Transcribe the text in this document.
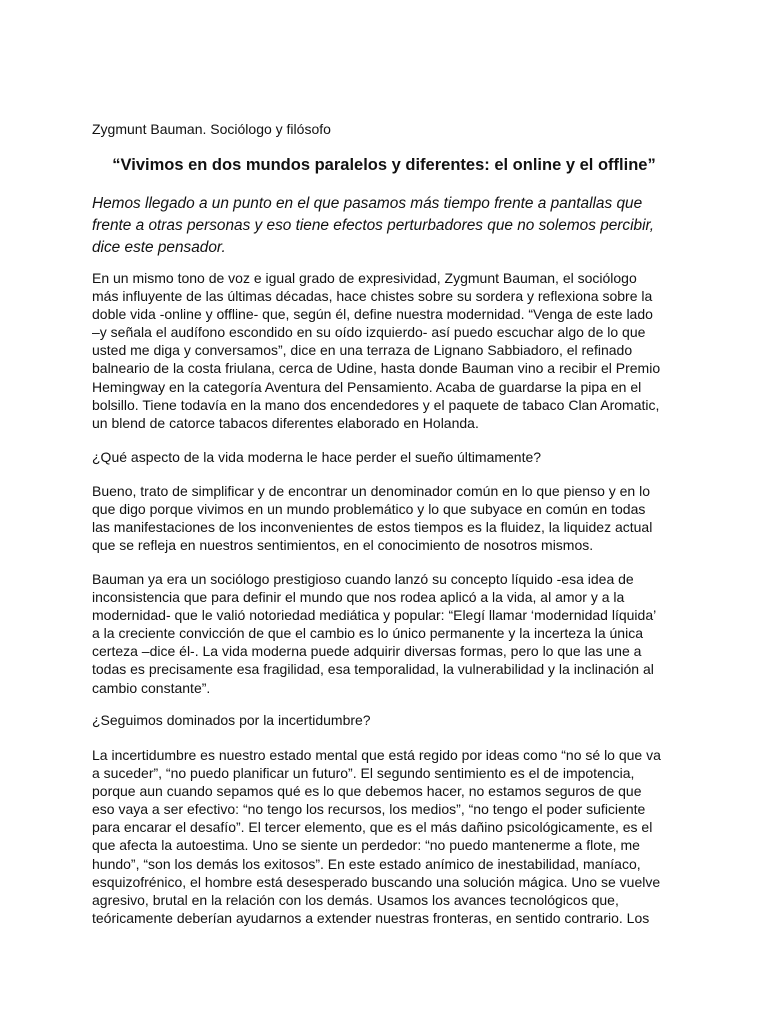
Zygmunt Bauman. Sociólogo y filósofo

“Vivimos en dos mundos paralelos y diferentes: el online y el offline”

Hemos llegado a un punto en el que pasamos más tiempo frente a pantallas que
frente a otras personas y eso tiene efectos perturbadores que no solemos percibir,
dice este pensador.

En un mismo tono de voz e igual grado de expresividad, Zygmunt Bauman, el sociólogo
más influyente de las últimas décadas, hace chistes sobre su sordera y reflexiona sobre la
doble vida -online y offline- que, según él, define nuestra modernidad. “Venga de este lado
–y señala el audífono escondido en su oído izquierdo- así puedo escuchar algo de lo que
usted me diga y conversamos”, dice en una terraza de Lignano Sabbiadoro, el refinado
balneario de la costa friulana, cerca de Udine, hasta donde Bauman vino a recibir el Premio
Hemingway en la categoría Aventura del Pensamiento. Acaba de guardarse la pipa en el
bolsillo. Tiene todavía en la mano dos encendedores y el paquete de tabaco Clan Aromatic,
un blend de catorce tabacos diferentes elaborado en Holanda.

¿Qué aspecto de la vida moderna le hace perder el sueño últimamente?

Bueno, trato de simplificar y de encontrar un denominador común en lo que pienso y en lo
que digo porque vivimos en un mundo problemático y lo que subyace en común en todas
las manifestaciones de los inconvenientes de estos tiempos es la fluidez, la liquidez actual
que se refleja en nuestros sentimientos, en el conocimiento de nosotros mismos.

Bauman ya era un sociólogo prestigioso cuando lanzó su concepto líquido -esa idea de
inconsistencia que para definir el mundo que nos rodea aplicó a la vida, al amor y a la
modernidad- que le valió notoriedad mediática y popular: “Elegí llamar ‘modernidad líquida’
a la creciente convicción de que el cambio es lo único permanente y la incerteza la única
certeza –dice él-. La vida moderna puede adquirir diversas formas, pero lo que las une a
todas es precisamente esa fragilidad, esa temporalidad, la vulnerabilidad y la inclinación al
cambio constante”.

¿Seguimos dominados por la incertidumbre?

La incertidumbre es nuestro estado mental que está regido por ideas como “no sé lo que va
a suceder”, “no puedo planificar un futuro”. El segundo sentimiento es el de impotencia,
porque aun cuando sepamos qué es lo que debemos hacer, no estamos seguros de que
eso vaya a ser efectivo: “no tengo los recursos, los medios”, “no tengo el poder suficiente
para encarar el desafío”. El tercer elemento, que es el más dañino psicológicamente, es el
que afecta la autoestima. Uno se siente un perdedor: “no puedo mantenerme a flote, me
hundo”, “son los demás los exitosos”. En este estado anímico de inestabilidad, maníaco,
esquizofrénico, el hombre está desesperado buscando una solución mágica. Uno se vuelve
agresivo, brutal en la relación con los demás. Usamos los avances tecnológicos que,
teóricamente deberían ayudarnos a extender nuestras fronteras, en sentido contrario. Los
